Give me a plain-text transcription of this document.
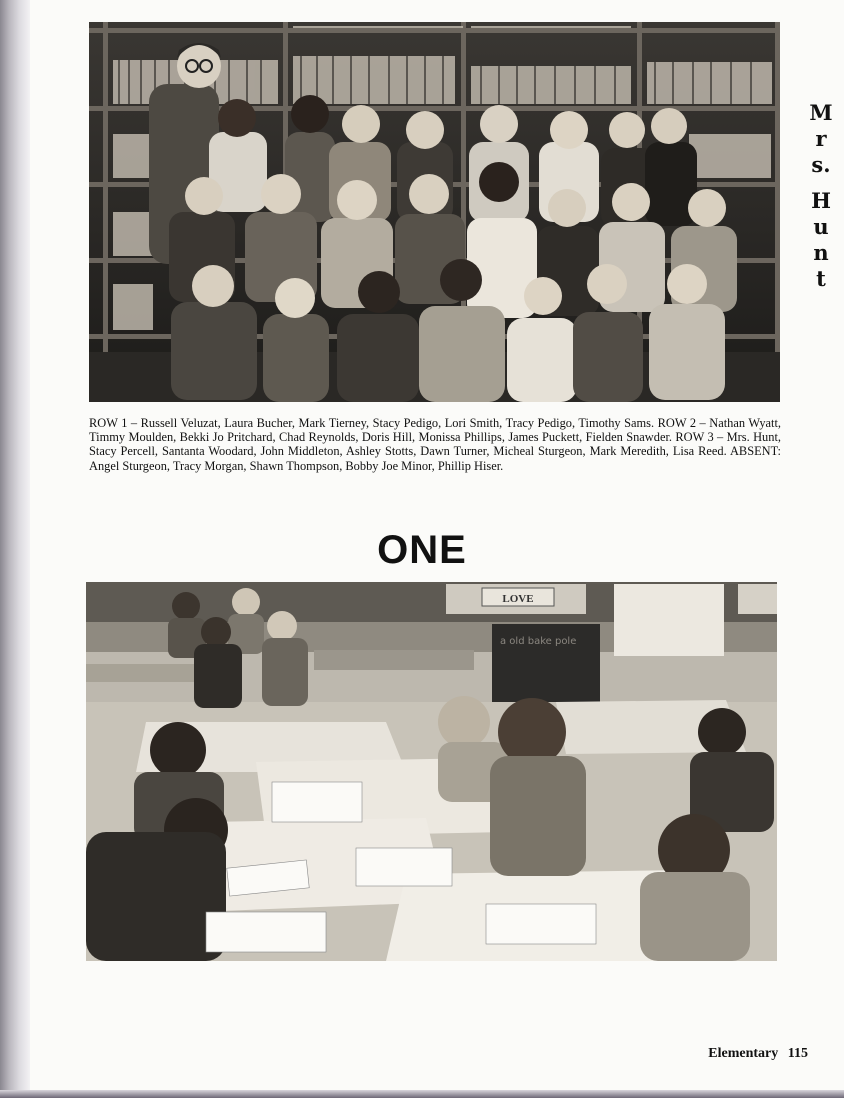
M
r
s.
H
u
n
t
ROW 1 – Russell Veluzat, Laura Bucher, Mark Tierney, Stacy Pedigo, Lori Smith, Tracy Pedigo, Timothy Sams. ROW 2 – Nathan Wyatt, Timmy Moulden, Bekki Jo Pritchard, Chad Reynolds, Doris Hill, Monissa Phillips, James Puckett, Fielden Snawder. ROW 3 – Mrs. Hunt, Stacy Percell, Santanta Woodard, John Middleton, Ashley Stotts, Dawn Turner, Micheal Sturgeon, Mark Meredith, Lisa Reed. ABSENT: Angel Sturgeon, Tracy Morgan, Shawn Thompson, Bobby Joe Minor, Phillip Hiser.
ONE
LOVE
a old bake pole
Elementary 115
